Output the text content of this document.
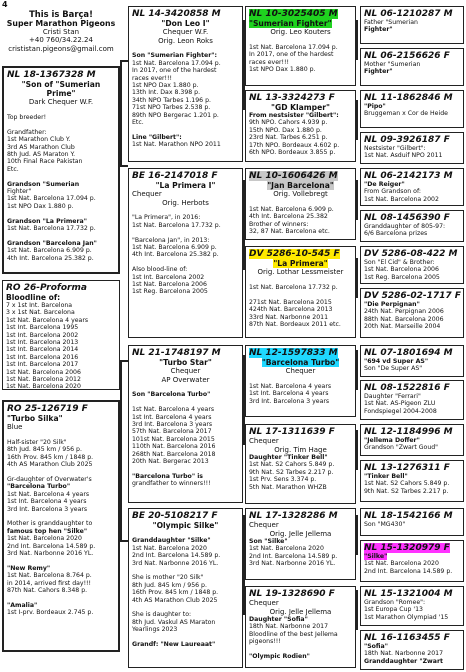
4
This is Barça!
Super Marathon Pigeons
Cristi Stan
+40 760/34.22.24
crististan.pigeons@gmail.com
NL 18-1367328 M
"Son of "Sumerian Prime"
Dark Chequer W.F.

Top breeder!

Grandfather:
1st Marathon Club Y.
3rd AS Marathon Club
8th Jud. AS Maraton Y.
10th Final Race Pakistan
Etc.

Grandson "Sumerian
Fighter"
1st Nat. Barcelona 17.094 p.
1st NPO Dax 1.880 p.

Grandson "La Primera"
1st Nat. Barcelona 17.732 p.

Grandson "Barcelona Jan"
1st Nat. Barcelona 6.909 p.
4th Int. Barcelona 25.382 p.
RO 26-Proforma
Bloodline of:
7 x 1st Int. Barcelona
3 x 1st Nat. Barcelona
1st Nat. Barcelona 4 years
1st Int. Barcelona 1995
1st Int. Barcelona 2002
1st Int. Barcelona 2013
1st Int. Barcelona 2014
1st Int. Barcelona 2016
1st Int. Barcelona 2017
1st Nat. Barcelona 2006
1st Nat. Barcelona 2012
1st Nat. Barcelona 2020
RO 25-126719 F
"Turbo Silka"
Blue

Half-sister "20 Silk"
8th Jud. 845 km / 956 p.
16th Prov. 845 km / 1848 p.
4th AS Marathon Club 2025

Gr-daughter of Overwater's
"Barcelona Turbo"
1st Nat. Barcelona 4 years
1st Int. Barcelona 4 years
3rd Int. Barcelona 3 years

Mother is granddaughter to
famous top hen "Silke"
1st Nat. Barcelona 2020
2nd Int. Barcelona 14.589 p.
3rd Nat. Narbonne 2016 YL.

"New Remy"
1st Nat. Barcelona 8.764 p.
in 2014, arrived first day!!!
87th Nat. Cahors 8.348 p.

"Amalia"
1st I-prv. Bordeaux 2.745 p.
NL 14-3420858 M
"Don Leo I"
Chequer W.F.
Orig. Leon Roks

Son "Sumerian Fighter":
1st Nat. Barcelona 17.094 p.
In 2017, one of the hardest
races ever!!!
1st NPO Dax 1.880 p.
13th Int. Dax 8.398 p.
34th NPO Tarbes 1.196 p.
71st NPO Tarbes 2.538 p.
89th NPO Bergerac 1.201 p.
Etc.

Line "Gilbert":
1st Nat. Marathon NPO 2011
BE 16-2147018 F
"La Primera I"
Chequer
Orig. Herbots

"La Primera", in 2016:
1st Nat. Barcelona 17.732 p.

"Barcelona Jan", in 2013:
1st Nat. Barcelona 6.909 p.
4th Int. Barcelona 25.382 p.

Also blood-line of:
1st Int. Barcelona 2002
1st Nat. Barcelona 2006
1st Reg. Barcelona 2005
NL 21-1748197 M
"Turbo Star"
Chequer
AP Overwater

Son "Barcelona Turbo"

1st Nat. Barcelona 4 years
1st Int. Barcelona 4 years
3rd Int. Barcelona 3 years
57th Nat. Barcelona 2017
101st Nat. Barcelona 2015
110th Nat. Barcelona 2016
268th Nat. Barcelona 2018
20th Nat. Bergerac 2013

"Barcelona Turbo" is
grandfather to winners!!!
BE 20-5108217 F
"Olympic Silke"

Granddaughter "Silke"
1st Nat. Barcelona 2020
2nd Int. Barcelona 14.589 p.
3rd Nat. Narbonne 2016 YL.

She is mother "20 Silk"
8th Jud. 845 km / 956 p.
16th Prov. 845 km / 1848 p.
4th AS Marathon Club 2025

She is daughter to:
8th Jud. Vaskul AS Maraton
Yearlings 2023

Grandf: "New Laureaat"
NL 10-3025405 M
"Sumerian Fighter"
Orig. Leo Kouters

1st Nat. Barcelona 17.094 p.
In 2017, one of the hardest
races ever!!!
1st NPO Dax 1.880 p.
NL 13-3324273 F
"GD Klamper"
From nestsister "Gilbert":
9th NPO. Cahors 4.939 p.
15th NPO. Dax 1.880 p.
23rd Nat. Tarbes 6.251 p.
17th NPO. Bordeaux 4.602 p.
6th NPO. Bordeaux 3.855 p.
NL 10-1606426 M
"Jan Barcelona"
Orig. Vollebregt

1st Nat. Barcelona 6.909 p.
4th Int. Barcelona 25.382
Brother of winners:
32, 87 Nat. Barcelona etc.
DV 5286-10-545 F
"La Primera"
Orig. Lothar Lessmeister

1st Nat. Barcelona 17.732 p.

271st Nat. Barcelona 2015
424th Nat. Barcelona 2013
33rd Nat. Narbonne 2011
87th Nat. Bordeaux 2011 etc.
NL 12-1597833 M
"Barcelona Turbo"
Chequer

1st Nat. Barcelona 4 years
1st Int. Barcelona 4 years
3rd Int. Barcelona 3 years
NL 17-1311639 F
Chequer
Orig. Tim Hage
Daughter "Tinker Bell"
1st Nat. S2 Cahors 5.849 p.
9th Nat. S2 Tarbes 2.217 p.
1st Prv. Sens 3.374 p.
5th Nat. Marathon WHZB
NL 17-1328286 M
Chequer
Orig. Jelle Jellema
Son "Silke"
1st Nat. Barcelona 2020
2nd Int. Barcelona 14.589 p.
3rd Nat. Narbonne 2016 YL.
NL 19-1328690 F
Chequer
Orig. Jelle Jellema
Daughter "Sofia"
18th Nat. Narbonne 2017
Bloodline of the best Jellema
pigeons!!!

"Olympic Rodien"
NL 06-1210287 M
Father "Sumerian
Fighter"
NL 06-2156626 F
Mother "Sumerian
Fighter"
NL 11-1862846 M
"Pipo"
Bruggeman x Cor de Heide
NL 09-3926187 F
Nestsister "Gilbert":
1st Nat. Asduif NPO 2011
NL 06-2142173 M
"De Reiger"
From Grandson of:
1st Nat. Barcelona 2002
NL 08-1456390 F
Granddaughter of 805-97:
6/6 Barcelona prizes
DV 5286-08-422 M
Son "El Cid" & Brother:
1st Nat. Barcelona 2006
1st Reg. Barcelona 2005
DV 5286-02-1717 F
"Die Perpignan"
24th Nat. Perpignan 2006
88th Nat. Barcelona 2006
20th Nat. Marseille 2004
NL 07-1801694 M
"694 vd Super AS"
Son "De Super AS"
NL 08-1522816 F
Daughter "Ferrari"
1st Nat. AS-Pigeon ZLU
Fondspiegel 2004-2008
NL 12-1184996 M
"Jellema Doffer"
Grandson "Zwart Goud"
NL 13-1276311 F
"Tinker Bell"
1st Nat. S2 Cahors 5.849 p.
9th Nat. S2 Tarbes 2.217 p.
NL 18-1542166 M
Son "MG430"
NL 15-1320979 F
"Silke"
1st Nat. Barcelona 2020
2nd Int. Barcelona 14.589 p.
NL 15-1321004 M
Grandson "Romee":
1st Europa Cup '13
1st Marathon Olympiad '15
NL 16-1163455 F
"Sofia"
18th Nat. Narbonne 2017
Granddaughter "Zwart
